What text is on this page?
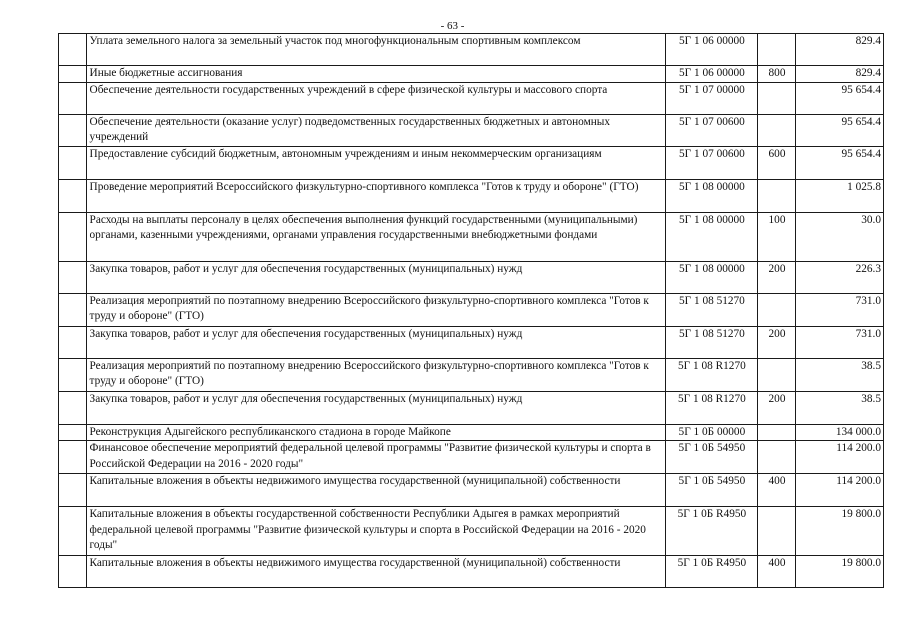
- 63 -
	Уплата земельного налога за земельный участок под многофункциональным спортивным комплексом	5Г 1 06 00000		829.4
	Иные бюджетные ассигнования	5Г 1 06 00000	800	829.4
	Обеспечение деятельности государственных учреждений в сфере физической культуры и массового спорта	5Г 1 07 00000		95 654.4
	Обеспечение деятельности (оказание услуг) подведомственных государственных бюджетных и автономных учреждений	5Г 1 07 00600		95 654.4
	Предоставление субсидий бюджетным, автономным учреждениям и иным некоммерческим организациям	5Г 1 07 00600	600	95 654.4
	Проведение мероприятий Всероссийского физкультурно-спортивного комплекса "Готов к труду и обороне" (ГТО)	5Г 1 08 00000		1 025.8
	Расходы на выплаты персоналу в целях обеспечения выполнения функций государственными (муниципальными) органами, казенными учреждениями, органами управления государственными внебюджетными фондами	5Г 1 08 00000	100	30.0
	Закупка товаров, работ и услуг для обеспечения государственных (муниципальных) нужд	5Г 1 08 00000	200	226.3
	Реализация мероприятий по поэтапному внедрению Всероссийского физкультурно-спортивного комплекса "Готов к труду и обороне" (ГТО)	5Г 1 08 51270		731.0
	Закупка товаров, работ и услуг для обеспечения государственных (муниципальных) нужд	5Г 1 08 51270	200	731.0
	Реализация мероприятий по поэтапному внедрению Всероссийского физкультурно-спортивного комплекса "Готов к труду и обороне" (ГТО)	5Г 1 08 R1270		38.5
	Закупка товаров, работ и услуг для обеспечения государственных (муниципальных) нужд	5Г 1 08 R1270	200	38.5
	Реконструкция Адыгейского республиканского стадиона в городе Майкопе	5Г 1 0Б 00000		134 000.0
	Финансовое обеспечение мероприятий федеральной целевой программы "Развитие физической культуры и спорта в Российской Федерации на 2016 - 2020 годы"	5Г 1 0Б 54950		114 200.0
	Капитальные вложения в объекты недвижимого имущества государственной (муниципальной) собственности	5Г 1 0Б 54950	400	114 200.0
	Капитальные вложения в объекты государственной собственности Республики Адыгея в рамках мероприятий федеральной целевой программы "Развитие физической культуры и спорта в Российской Федерации на 2016 - 2020 годы"	5Г 1 0Б R4950		19 800.0
	Капитальные вложения в объекты недвижимого имущества государственной (муниципальной) собственности	5Г 1 0Б R4950	400	19 800.0
